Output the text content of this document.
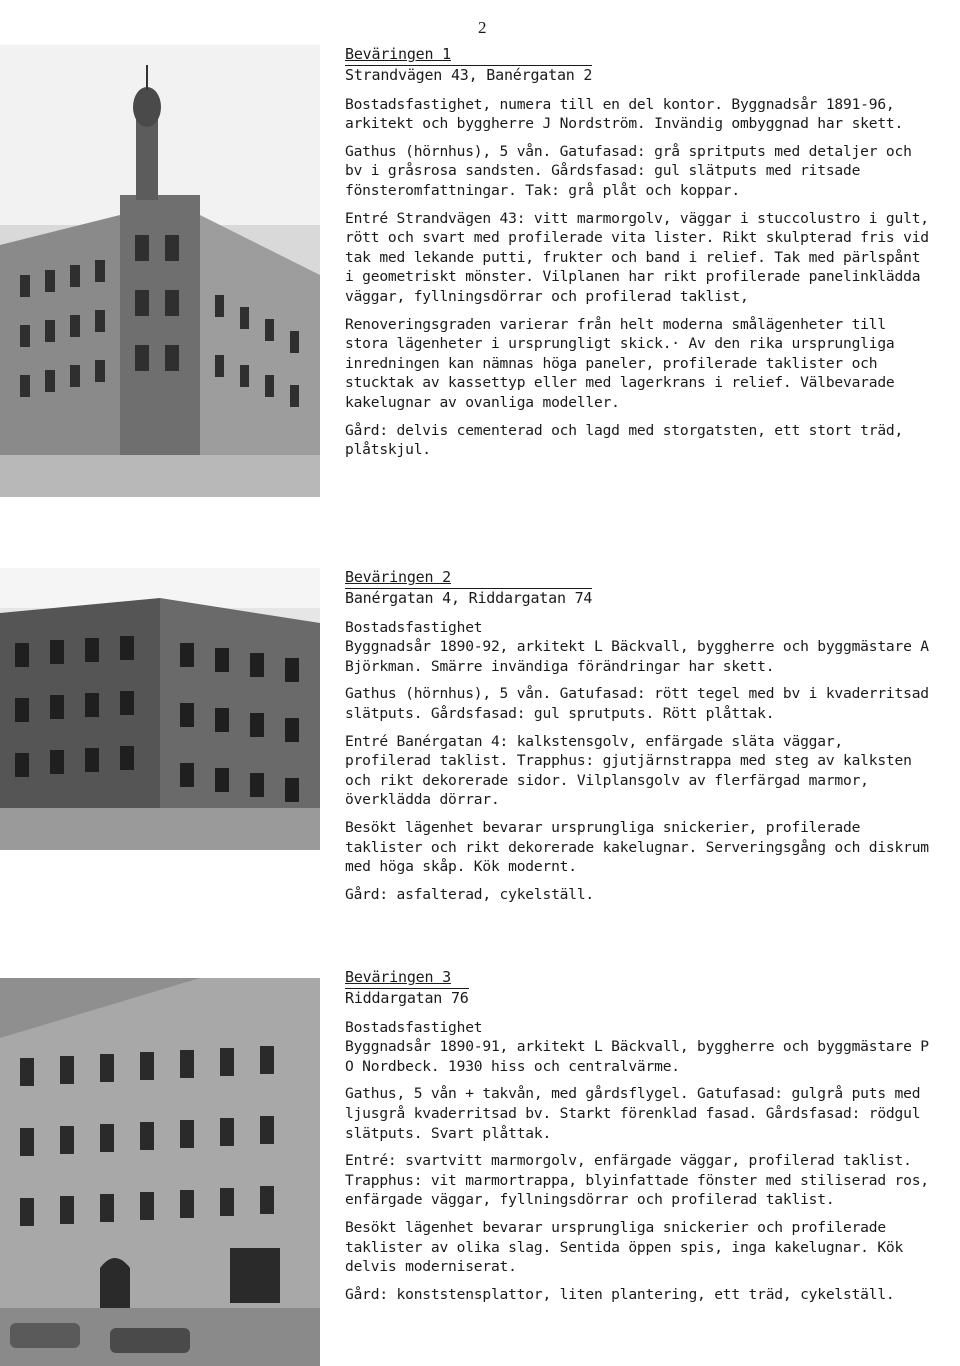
2
Beväringen 1
Strandvägen 43, Banérgatan 2

Bostadsfastighet, numera till en del kontor. Byggnadsår 1891-96, arkitekt och byggherre J Nordström. Invändig ombyggnad har skett.

Gathus (hörnhus), 5 vån. Gatufasad: grå spritputs med detaljer och bv i gråsrosa sandsten. Gårdsfasad: gul slätputs med ritsade fönsteromfattningar. Tak: grå plåt och koppar.

Entré Strandvägen 43: vitt marmorgolv, väggar i stuccolustro i gult, rött och svart med profilerade vita lister. Rikt skulpterad fris vid tak med lekande putti, frukter och band i relief. Tak med pärlspånt i geometriskt mönster. Vilplanen har rikt profilerade panelinklädda väggar, fyllningsdörrar och profilerad taklist,

Renoveringsgraden varierar från helt moderna smålägenheter till stora lägenheter i ursprungligt skick.· Av den rika ursprungliga inredningen kan nämnas höga paneler, profilerade taklister och stucktak av kassettyp eller med lagerkrans i relief. Välbevarade kakelugnar av ovanliga modeller.

Gård: delvis cementerad och lagd med storgatsten, ett stort träd, plåtskjul.

Beväringen 2
Banérgatan 4, Riddargatan 74

Bostadsfastighet

Byggnadsår 1890-92, arkitekt L Bäckvall, byggherre och byggmästare A Björkman. Smärre invändiga förändringar har skett.

Gathus (hörnhus), 5 vån. Gatufasad: rött tegel med bv i kvaderritsad slätputs. Gårdsfasad: gul sprutputs. Rött plåttak.

Entré Banérgatan 4: kalkstensgolv, enfärgade släta väggar, profilerad taklist. Trapphus: gjutjärnstrappa med steg av kalksten och rikt dekorerade sidor. Vilplansgolv av flerfärgad marmor, överklädda dörrar.

Besökt lägenhet bevarar ursprungliga snickerier, profilerade taklister och rikt dekorerade kakelugnar. Serveringsgång och diskrum med höga skåp. Kök modernt.

Gård: asfalterad, cykelställ.

Beväringen 3
Riddargatan 76

Bostadsfastighet

Byggnadsår 1890-91, arkitekt L Bäckvall, byggherre och byggmästare P O Nordbeck. 1930 hiss och centralvärme.

Gathus, 5 vån + takvån, med gårdsflygel. Gatufasad: gulgrå puts med ljusgrå kvaderritsad bv. Starkt förenklad fasad. Gårdsfasad: rödgul slätputs. Svart plåttak.

Entré: svartvitt marmorgolv, enfärgade väggar, profilerad taklist. Trapphus: vit marmortrappa, blyinfattade fönster med stiliserad ros, enfärgade väggar, fyllningsdörrar och profilerad taklist.

Besökt lägenhet bevarar ursprungliga snickerier och profilerade taklister av olika slag. Sentida öppen spis, inga kakelugnar. Kök delvis moderniserat.

Gård: konststensplattor, liten plantering, ett träd, cykelställ.
